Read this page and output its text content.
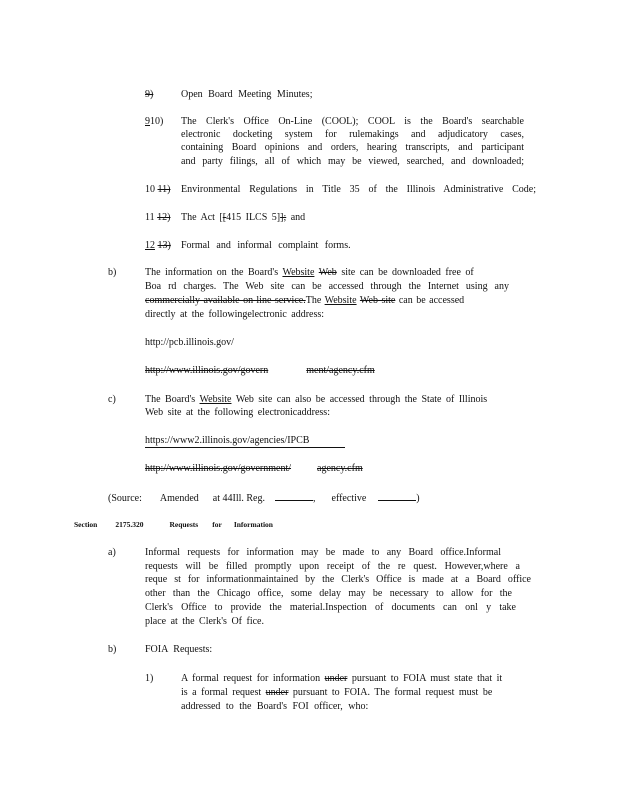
9)	Open Board Meeting Minutes;
910) The Clerk's Office On-Line (COOL); COOL is the Board's searchable
electronic docketing system for rulemakings and adjudicatory cases,
containing Board opinions and orders, hearing transcripts, and participant
and party filings, all of which may be viewed, searched, and downloaded;
10 11) Environmental Regulations in Title 35 of the Illinois Administrative Code;
11 12) The Act [[415 ILCS 5]]; and
12 13) Formal and informal complaint forms.
b)	The information on the Board's Website Web site can be downloaded free of
Boa rd charges. The Web site can be accessed through the Internet using any
commercially available on-line service.The Website Web site can be accessed
directly at the followingelectronic address:
http://pcb.illinois.gov/
http://www.illinois.gov/govern	ment/agency.cfm
c)	The Board's Website Web site can also be accessed through the State of Illinois
Web site at the following electronicaddress:
https://www2.illinois.gov/agencies/IPCB
http://www.illinois.gov/government/	agency.cfm
(Source: Amended at 44Ill. Reg.	, effective	)
Section 2175.320	Requests for Information
a)	Informal requests for information may be made to any Board office.Informal
requests will be filled promptly upon receipt of the re quest. However,where a
reque st for informationmaintained by the Clerk's Office is made at a Board office
other than the Chicago office, some delay may be necessary to allow for the
Clerk's Office to provide the material.Inspection of documents can onl y take
place at the Clerk's Of fice.
b)	FOIA Requests:
1)	A formal request for information under pursuant to FOIA must state that it
is a formal request under pursuant to FOIA. The formal request must be
addressed to the Board's FOI officer, who:
